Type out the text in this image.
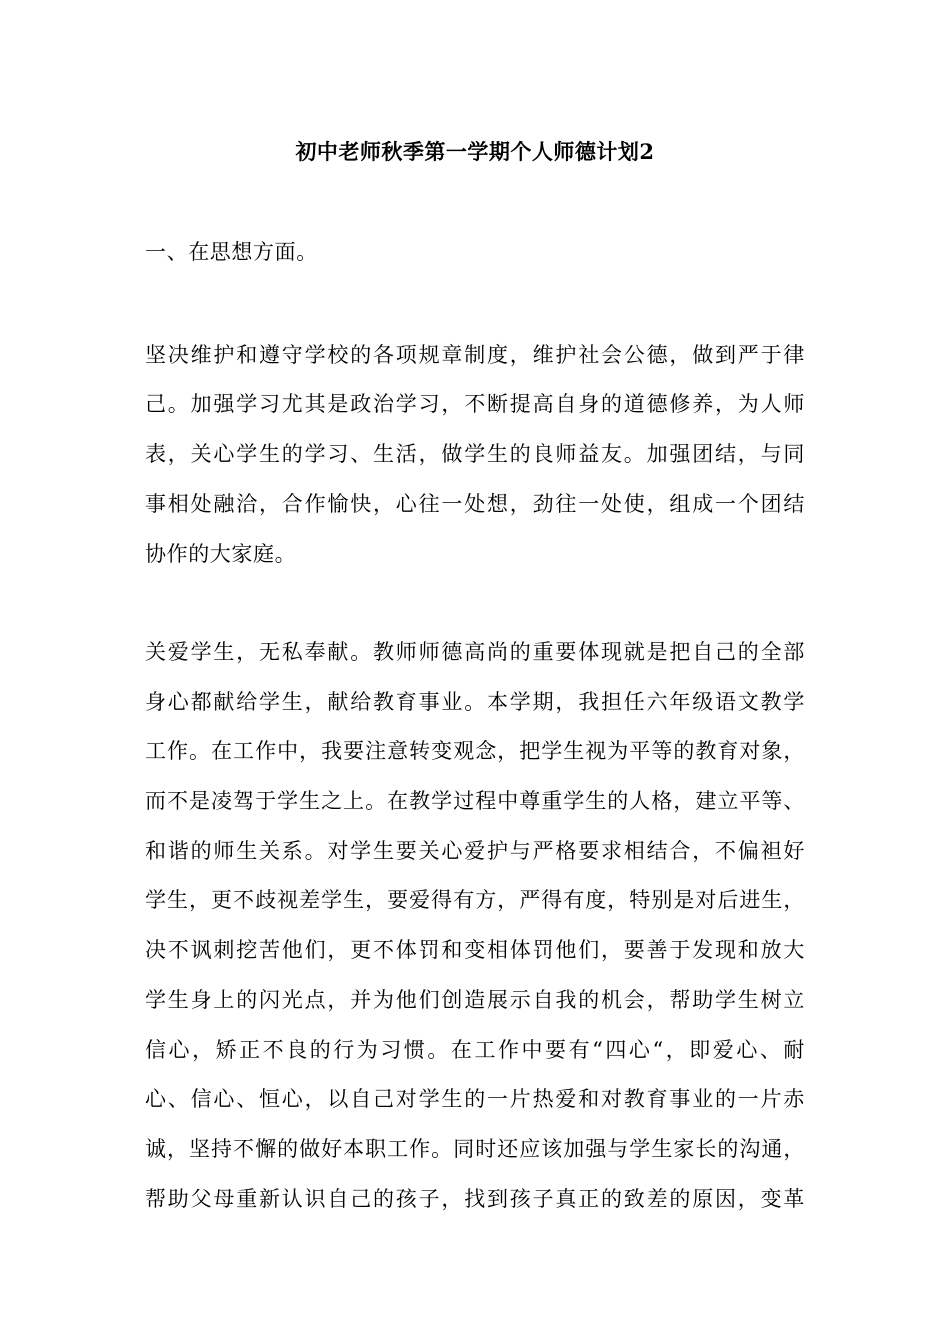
初中老师秋季第一学期个人师德计划2
一、在思想方面。
坚决维护和遵守学校的各项规章制度，维护社会公德，做到严于律
己。加强学习尤其是政治学习，不断提高自身的道德修养，为人师
表，关心学生的学习、生活，做学生的良师益友。加强团结，与同
事相处融洽，合作愉快，心往一处想，劲往一处使，组成一个团结
协作的大家庭。
关爱学生，无私奉献。教师师德高尚的重要体现就是把自己的全部
身心都献给学生，献给教育事业。本学期，我担任六年级语文教学
工作。在工作中，我要注意转变观念，把学生视为平等的教育对象，
而不是凌驾于学生之上。在教学过程中尊重学生的人格，建立平等、
和谐的师生关系。对学生要关心爱护与严格要求相结合，不偏袒好
学生，更不歧视差学生，要爱得有方，严得有度，特别是对后进生，
决不讽刺挖苦他们，更不体罚和变相体罚他们，要善于发现和放大
学生身上的闪光点，并为他们创造展示自我的机会，帮助学生树立
信心，矫正不良的行为习惯。在工作中要有“四心“，即爱心、耐
心、信心、恒心，以自己对学生的一片热爱和对教育事业的一片赤
诚，坚持不懈的做好本职工作。同时还应该加强与学生家长的沟通，
帮助父母重新认识自己的孩子，找到孩子真正的致差的原因，变革
